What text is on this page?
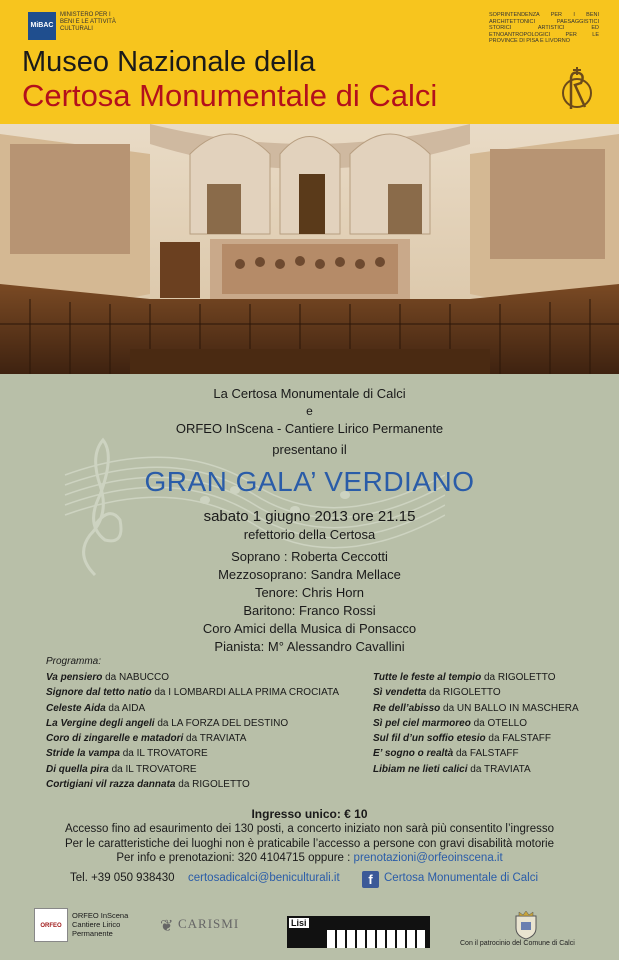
MiBAC
MINISTERO PER I BENI E LE ATTIVITÀ CULTURALI
SOPRINTENDENZA PER I BENI ARCHITETTONICI PAESAGGISTICI STORICI ARTISTICI ED ETNOANTROPOLOGICI PER LE PROVINCE DI PISA E LIVORNO
Museo Nazionale della
Certosa Monumentale di Calci
La Certosa Monumentale di Calci
e
ORFEO InScena - Cantiere Lirico Permanente
presentano il
GRAN GALA’ VERDIANO
sabato 1 giugno 2013 ore 21.15
refettorio della Certosa
Soprano : Roberta Ceccotti
Mezzosoprano: Sandra Mellace
Tenore: Chris Horn
Baritono: Franco Rossi
Coro Amici della Musica di Ponsacco
Pianista: M° Alessandro Cavallini
Programma:
Va pensiero da NABUCCO
Signore dal tetto natio da I LOMBARDI ALLA PRIMA CROCIATA
Celeste Aida da AIDA
La Vergine degli angeli da LA FORZA DEL DESTINO
Coro di zingarelle e matadori da TRAVIATA
Stride la vampa da IL TROVATORE
Di quella pira da IL TROVATORE
Cortigiani vil razza dannata da RIGOLETTO
Tutte le feste al tempio da RIGOLETTO
Sì vendetta da RIGOLETTO
Re dell’abisso da UN BALLO IN MASCHERA
Sì pel ciel marmoreo da OTELLO
Sul fil d’un soffio etesio da FALSTAFF
E’ sogno o realtà da FALSTAFF
Libiam ne lieti calici da TRAVIATA
Ingresso unico: € 10
Accesso fino ad esaurimento dei 130 posti, a concerto iniziato non sarà più consentito l’ingresso
Per le caratteristiche dei luoghi non è praticabile l’accesso a persone con gravi disabilità motorie
Per info e prenotazioni: 320 4104715 oppure : prenotazioni@orfeoinscena.it
Tel. +39 050 938430 certosadicalci@beniculturali.it	f Certosa Monumentale di Calci
ORFEO
ORFEO InScena Cantiere Lirico Permanente	❦ CARISMI	Lisi
Con il patrocinio del Comune di Calci
